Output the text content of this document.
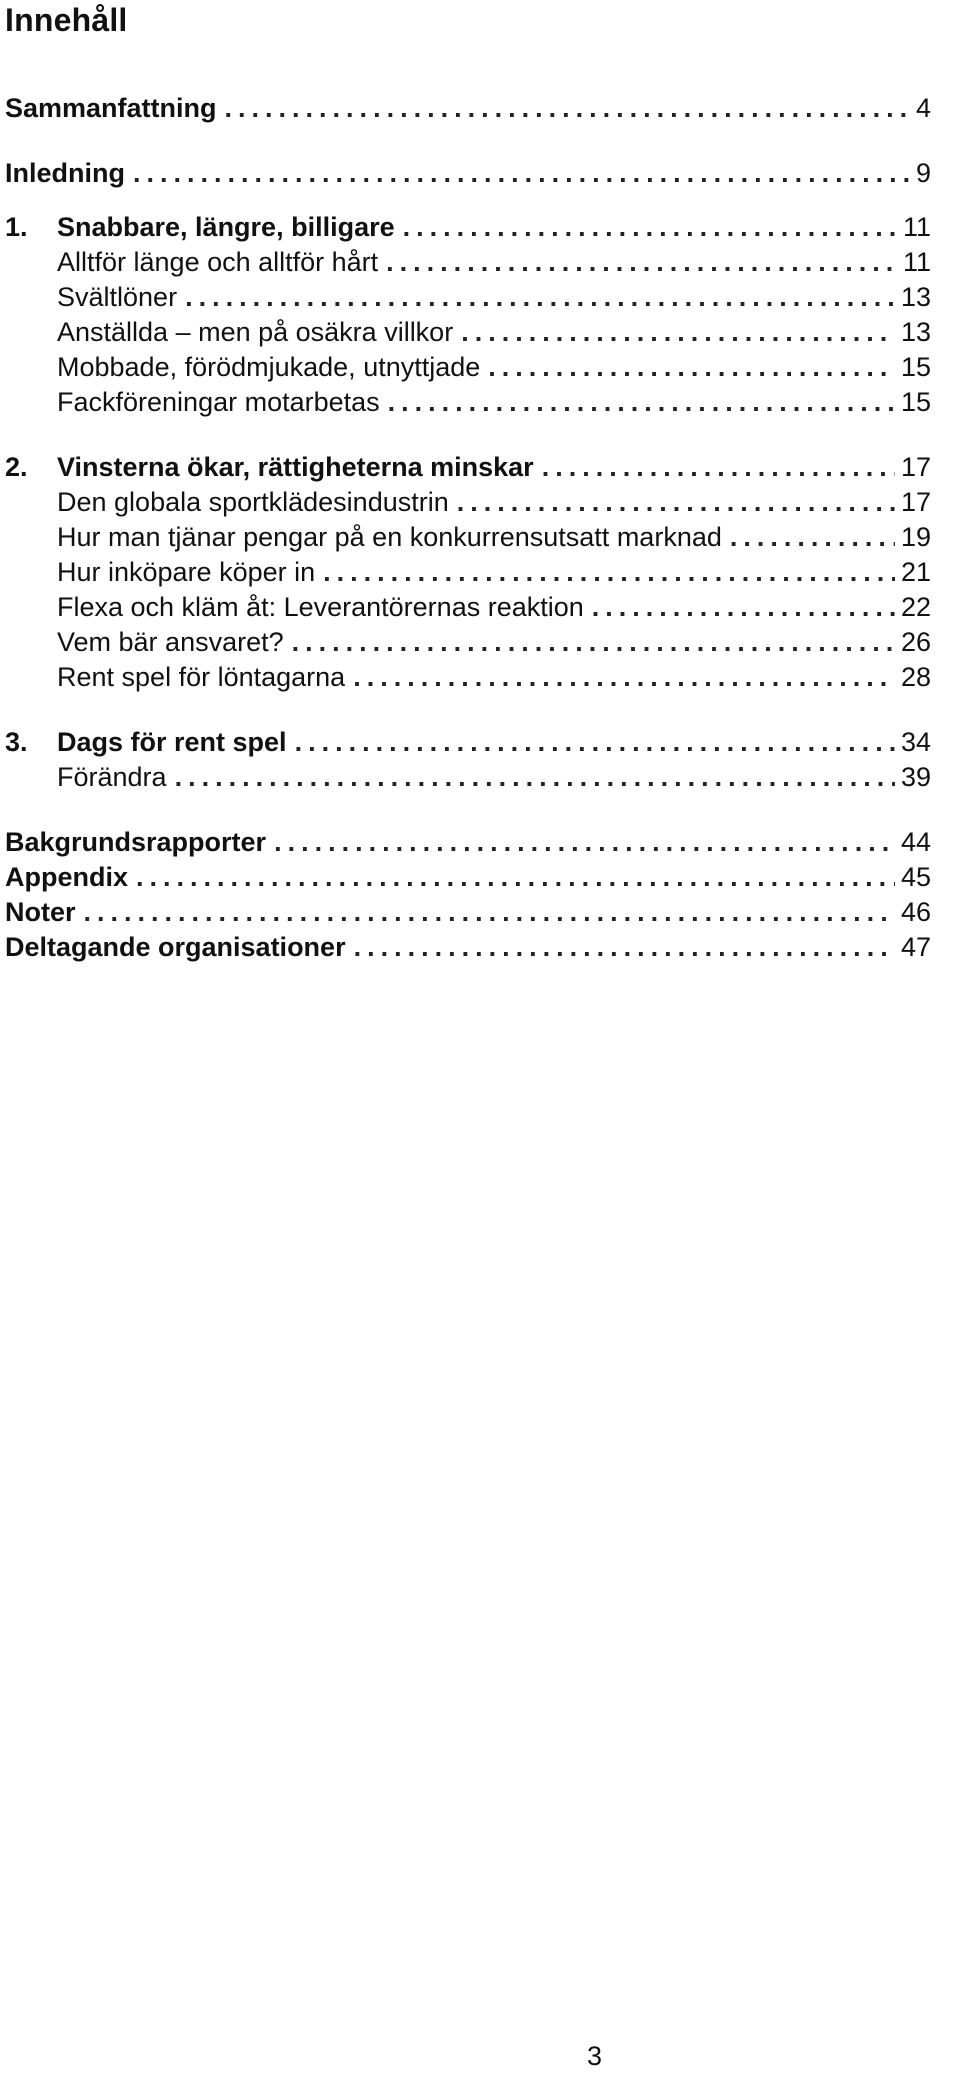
Innehåll
Sammanfattning . . .	4
Inledning . . .	9
1.	Snabbare, längre, billigare . . .	11
Alltför länge och alltför hårt . . .	11
Svältlöner . . .	13
Anställda – men på osäkra villkor . . .	13
Mobbade, förödmjukade, utnyttjade . . .	15
Fackföreningar motarbetas . . .	15
2.	Vinsterna ökar, rättigheterna minskar . . .	17
Den globala sportklädesindustrin . . .	17
Hur man tjänar pengar på en konkurrensutsatt marknad . . .	19
Hur inköpare köper in . . .	21
Flexa och kläm åt: Leverantörernas reaktion . . .	22
Vem bär ansvaret? . . .	26
Rent spel för löntagarna . . .	28
3.	Dags för rent spel . . .	34
Förändra . . .	39
Bakgrundsrapporter . . .	44
Appendix . . .	45
Noter . . .	46
Deltagande organisationer . . .	47
3
